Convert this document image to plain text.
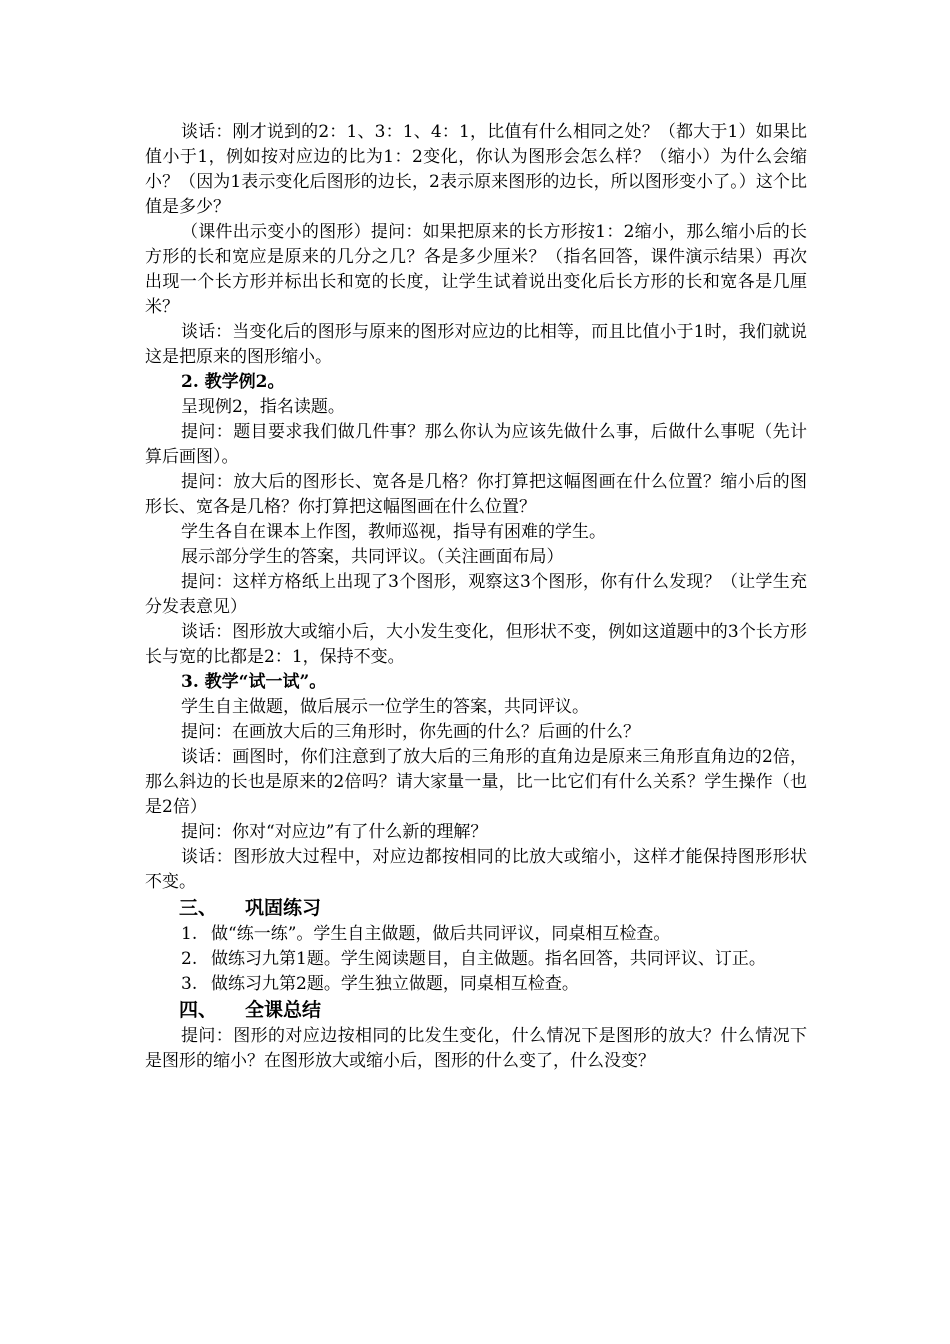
谈话：刚才说到的2：1、3：1、4：1，比值有什么相同之处？（都大于1）如果比值小于1，例如按对应边的比为1：2变化，你认为图形会怎么样？（缩小）为什么会缩小？（因为1表示变化后图形的边长，2表示原来图形的边长，所以图形变小了。）这个比值是多少？

（课件出示变小的图形）提问：如果把原来的长方形按1：2缩小，那么缩小后的长方形的长和宽应是原来的几分之几？各是多少厘米？（指名回答，课件演示结果）再次出现一个长方形并标出长和宽的长度，让学生试着说出变化后长方形的长和宽各是几厘米？

谈话：当变化后的图形与原来的图形对应边的比相等，而且比值小于1时，我们就说这是把原来的图形缩小。

2. 教学例2。

呈现例2，指名读题。

提问：题目要求我们做几件事？那么你认为应该先做什么事，后做什么事呢（先计算后画图）。

提问：放大后的图形长、宽各是几格？你打算把这幅图画在什么位置？缩小后的图形长、宽各是几格？你打算把这幅图画在什么位置？

学生各自在课本上作图，教师巡视，指导有困难的学生。

展示部分学生的答案，共同评议。（关注画面布局）

提问：这样方格纸上出现了3个图形，观察这3个图形，你有什么发现？（让学生充分发表意见）

谈话：图形放大或缩小后，大小发生变化，但形状不变，例如这道题中的3个长方形长与宽的比都是2：1，保持不变。

3. 教学“试一试”。

学生自主做题，做后展示一位学生的答案，共同评议。

提问：在画放大后的三角形时，你先画的什么？后画的什么？

谈话：画图时，你们注意到了放大后的三角形的直角边是原来三角形直角边的2倍，那么斜边的长也是原来的2倍吗？请大家量一量，比一比它们有什么关系？学生操作（也是2倍）

提问：你对“对应边”有了什么新的理解？

谈话：图形放大过程中，对应边都按相同的比放大或缩小，这样才能保持图形形状不变。

三、 巩固练习
1. 做“练一练”。学生自主做题，做后共同评议，同桌相互检查。
2. 做练习九第1题。学生阅读题目，自主做题。指名回答，共同评议、订正。
3. 做练习九第2题。学生独立做题，同桌相互检查。
四、 全课总结

提问：图形的对应边按相同的比发生变化，什么情况下是图形的放大？什么情况下是图形的缩小？在图形放大或缩小后，图形的什么变了，什么没变？
